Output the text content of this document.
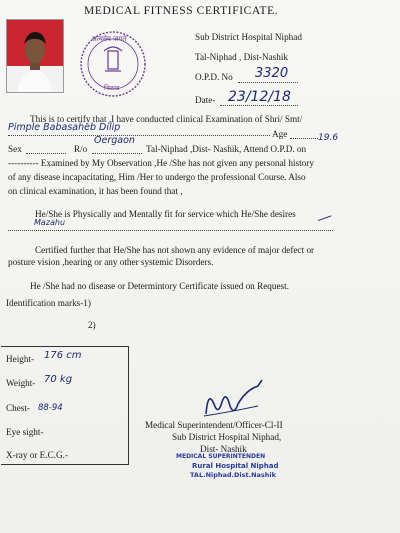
MEDICAL FITNESS CERTIFICATE.
सत्यमेव जयते
निफाड
Sub District Hospital Niphad
Tal-Niphad , Dist-Nashik
O.P.D. No 3320
Date- 23/12/18
This is to certify that ,I have conducted clinical Examination of Shri/ Smt/
Pimple Babasaheb Dilip
Age	19.6
Sex	R/o
Oergaon
Tal-Niphad ,Dist- Nashik, Attend O.P.D. on
---------- Examined by My Observation ,He /She has not given any personal history
of any disease incapacitating, Him /Her to undergo the professional Course. Also
on clinical examination, it has been found that ,
He/She is Physically and Mentally fit for service which He/She desires
Mazahu
Certified further that He/She has not shown any evidence of major defect or
posture vision ,hearing or any other systemic Disorders.
He /She had no disease or Determintory Certificate issued on Request.
Identification marks-1)
2)
Height- 176 cm
Weight- 70 kg
Chest- 88-94
Eye sight-
X-ray or E.C.G.-
Medical Superintendent/Officer-Cl-II
Sub District Hospital Niphad,
Dist- Nashik
MEDICAL SUPERINTENDEN
Rural Hospital Niphad
TAL.Niphad.Dist.Nashik
